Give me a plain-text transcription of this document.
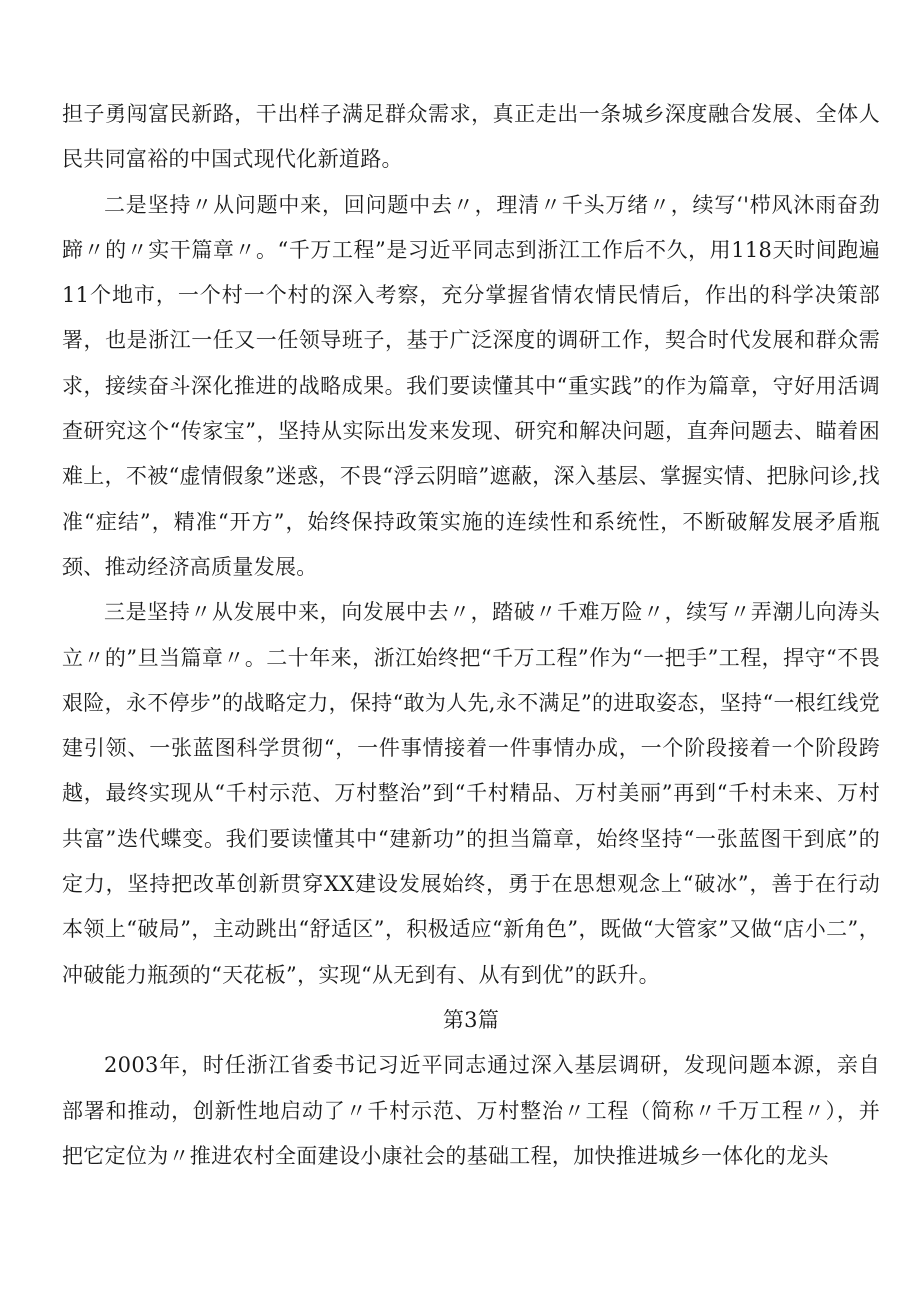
担子勇闯富民新路，干出样子满足群众需求，真正走出一条城乡深度融合发展、全体人民共同富裕的中国式现代化新道路。

二是坚持〃从问题中来，回问题中去〃，理清〃千头万绪〃，续写‘'栉风沐雨奋劲蹄〃的〃实干篇章〃。“千万工程”是习近平同志到浙江工作后不久，用118天时间跑遍11个地市，一个村一个村的深入考察，充分掌握省情农情民情后，作出的科学决策部署，也是浙江一任又一任领导班子，基于广泛深度的调研工作，契合时代发展和群众需求，接续奋斗深化推进的战略成果。我们要读懂其中“重实践”的作为篇章，守好用活调查研究这个“传家宝”，坚持从实际出发来发现、研究和解决问题，直奔问题去、瞄着困难上，不被“虚情假象”迷惑，不畏“浮云阴暗”遮蔽，深入基层、掌握实情、把脉问诊,找准“症结”，精准“开方”，始终保持政策实施的连续性和系统性，不断破解发展矛盾瓶颈、推动经济高质量发展。

三是坚持〃从发展中来，向发展中去〃，踏破〃千难万险〃，续写〃弄潮儿向涛头立〃的”旦当篇章〃。二十年来，浙江始终把“千万工程”作为“一把手”工程，捍守“不畏艰险，永不停步”的战略定力，保持“敢为人先,永不满足”的进取姿态，坚持“一根红线党建引领、一张蓝图科学贯彻“，一件事情接着一件事情办成，一个阶段接着一个阶段跨越，最终实现从“千村示范、万村整治”到“千村精品、万村美丽”再到“千村未来、万村共富”迭代蝶变。我们要读懂其中“建新功”的担当篇章，始终坚持“一张蓝图干到底”的定力，坚持把改革创新贯穿XX建设发展始终，勇于在思想观念上“破冰”，善于在行动本领上“破局”，主动跳出“舒适区”，积极适应“新角色”，既做“大管家”又做“店小二”，冲破能力瓶颈的“天花板”，实现“从无到有、从有到优”的跃升。

第3篇

2003年，时任浙江省委书记习近平同志通过深入基层调研，发现问题本源，亲自部署和推动，创新性地启动了〃千村示范、万村整治〃工程（简称〃千万工程〃），并把它定位为〃推进农村全面建设小康社会的基础工程，加快推进城乡一体化的龙头
